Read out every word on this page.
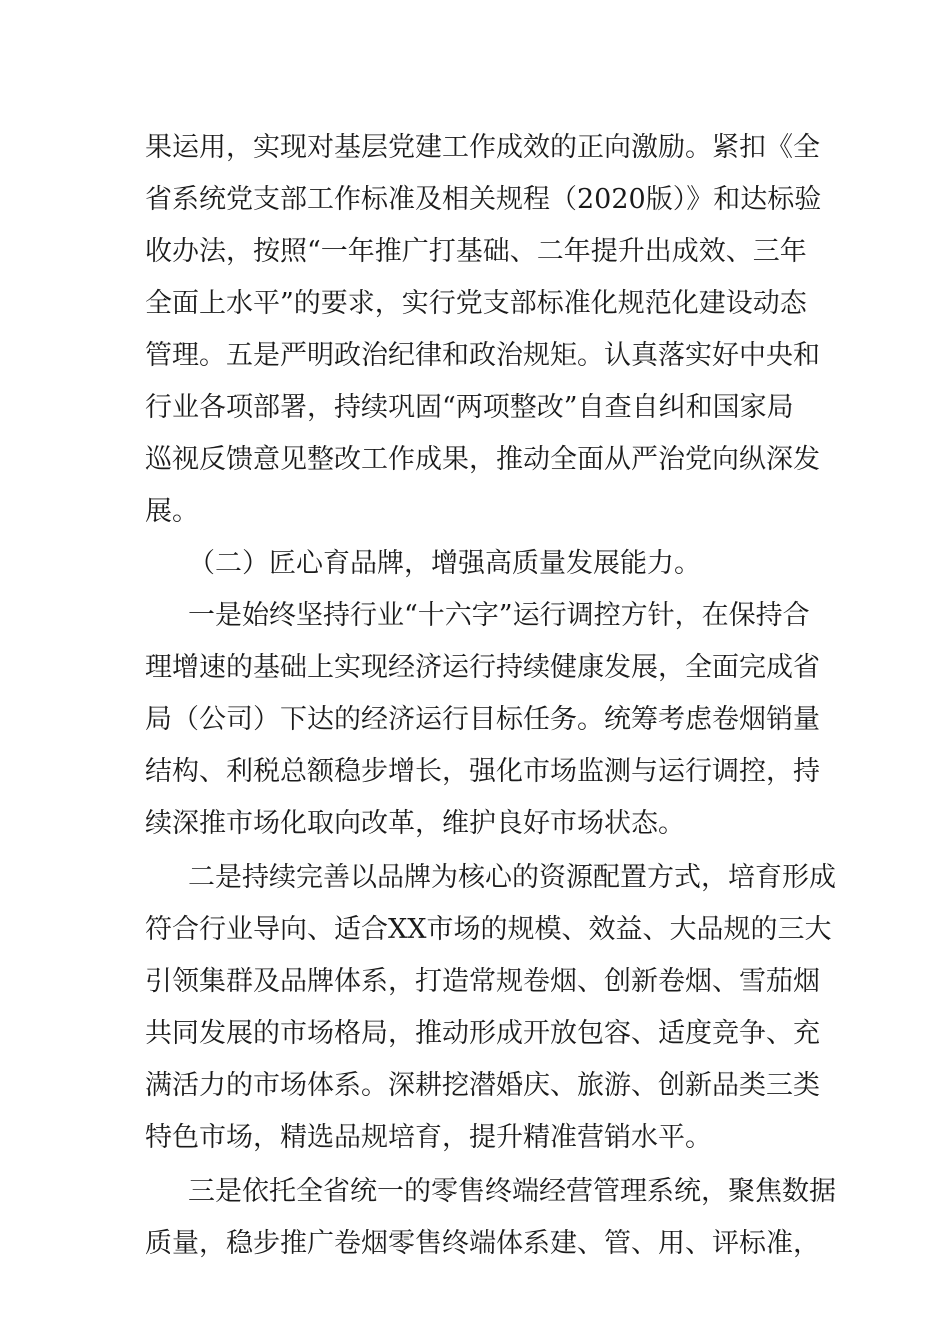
果运用，实现对基层党建工作成效的正向激励。紧扣《全
省系统党支部工作标准及相关规程（2020版）》和达标验
收办法，按照“一年推广打基础、二年提升出成效、三年
全面上水平”的要求，实行党支部标准化规范化建设动态
管理。五是严明政治纪律和政治规矩。认真落实好中央和
行业各项部署，持续巩固“两项整改”自查自纠和国家局
巡视反馈意见整改工作成果，推动全面从严治党向纵深发
展。
（二）匠心育品牌，增强高质量发展能力。
一是始终坚持行业“十六字”运行调控方针，在保持合
理增速的基础上实现经济运行持续健康发展，全面完成省
局（公司）下达的经济运行目标任务。统筹考虑卷烟销量
结构、利税总额稳步增长，强化市场监测与运行调控，持
续深推市场化取向改革，维护良好市场状态。
二是持续完善以品牌为核心的资源配置方式，培育形成
符合行业导向、适合XX市场的规模、效益、大品规的三大
引领集群及品牌体系，打造常规卷烟、创新卷烟、雪茄烟
共同发展的市场格局，推动形成开放包容、适度竞争、充
满活力的市场体系。深耕挖潜婚庆、旅游、创新品类三类
特色市场，精选品规培育，提升精准营销水平。
三是依托全省统一的零售终端经营管理系统，聚焦数据
质量，稳步推广卷烟零售终端体系建、管、用、评标准，
